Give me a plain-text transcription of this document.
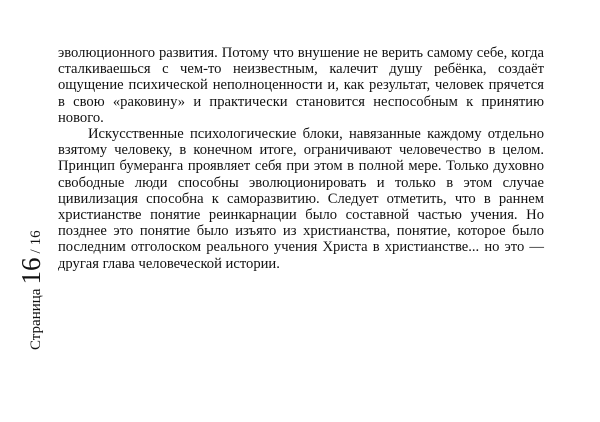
эволюционного развития. Потому что внушение не верить самому себе, когда сталкиваешься с чем-то неизвестным, калечит душу ребёнка, создаёт ощущение психической неполноценности и, как результат, человек прячется в свою «раковину» и практически становится неспособным к принятию нового.

Искусственные психологические блоки, навязанные каждому отдельно взятому человеку, в конечном итоге, ограничивают человечество в целом. Принцип бумеранга проявляет себя при этом в полной мере. Только духовно свободные люди способны эволюционировать и только в этом случае цивилизация способна к саморазвитию. Следует отметить, что в раннем христианстве понятие реинкарнации было составной частью учения. Но позднее это понятие было изъято из христианства, понятие, которое было последним отголоском реального учения Христа в христианстве... но это — другая глава человеческой истории.

Страница
16
/
16
